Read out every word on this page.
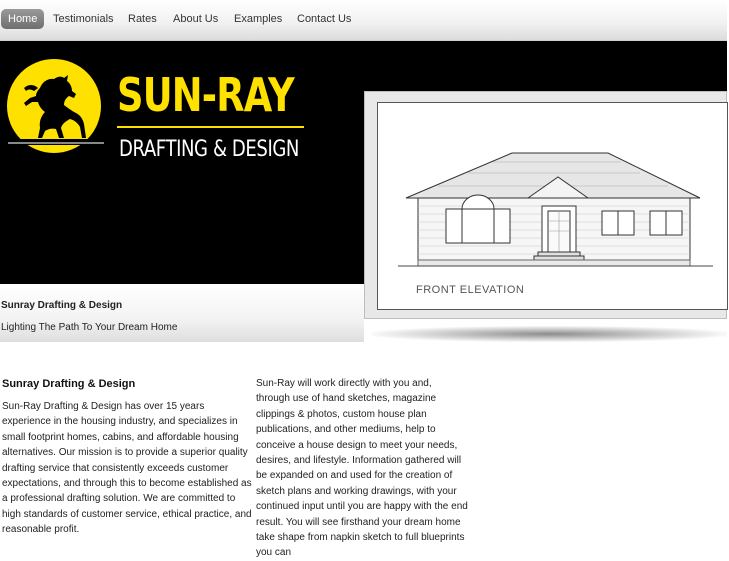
Home	Testimonials	Rates	About Us	Examples	Contact Us
SUN-RAY
DRAFTING & DESIGN
Sunray Drafting & Design
Lighting The Path To Your Dream Home
FRONT ELEVATION
Sunray Drafting & Design

Sun-Ray Drafting & Design has over 15 years experience in the housing industry, and specializes in small footprint homes, cabins, and affordable housing alternatives. Our mission is to provide a superior quality drafting service that consistently exceeds customer expectations, and through this to become established as a professional drafting solution. We are committed to high standards of customer service, ethical practice, and reasonable profit.

Sun-Ray will work directly with you and, through use of hand sketches, magazine clippings & photos, custom house plan publications, and other mediums, help to conceive a house design to meet your needs, desires, and lifestyle. Information gathered will be expanded on and used for the creation of sketch plans and working drawings, with your continued input until you are happy with the end result. You will see firsthand your dream home take shape from napkin sketch to full blueprints you can
